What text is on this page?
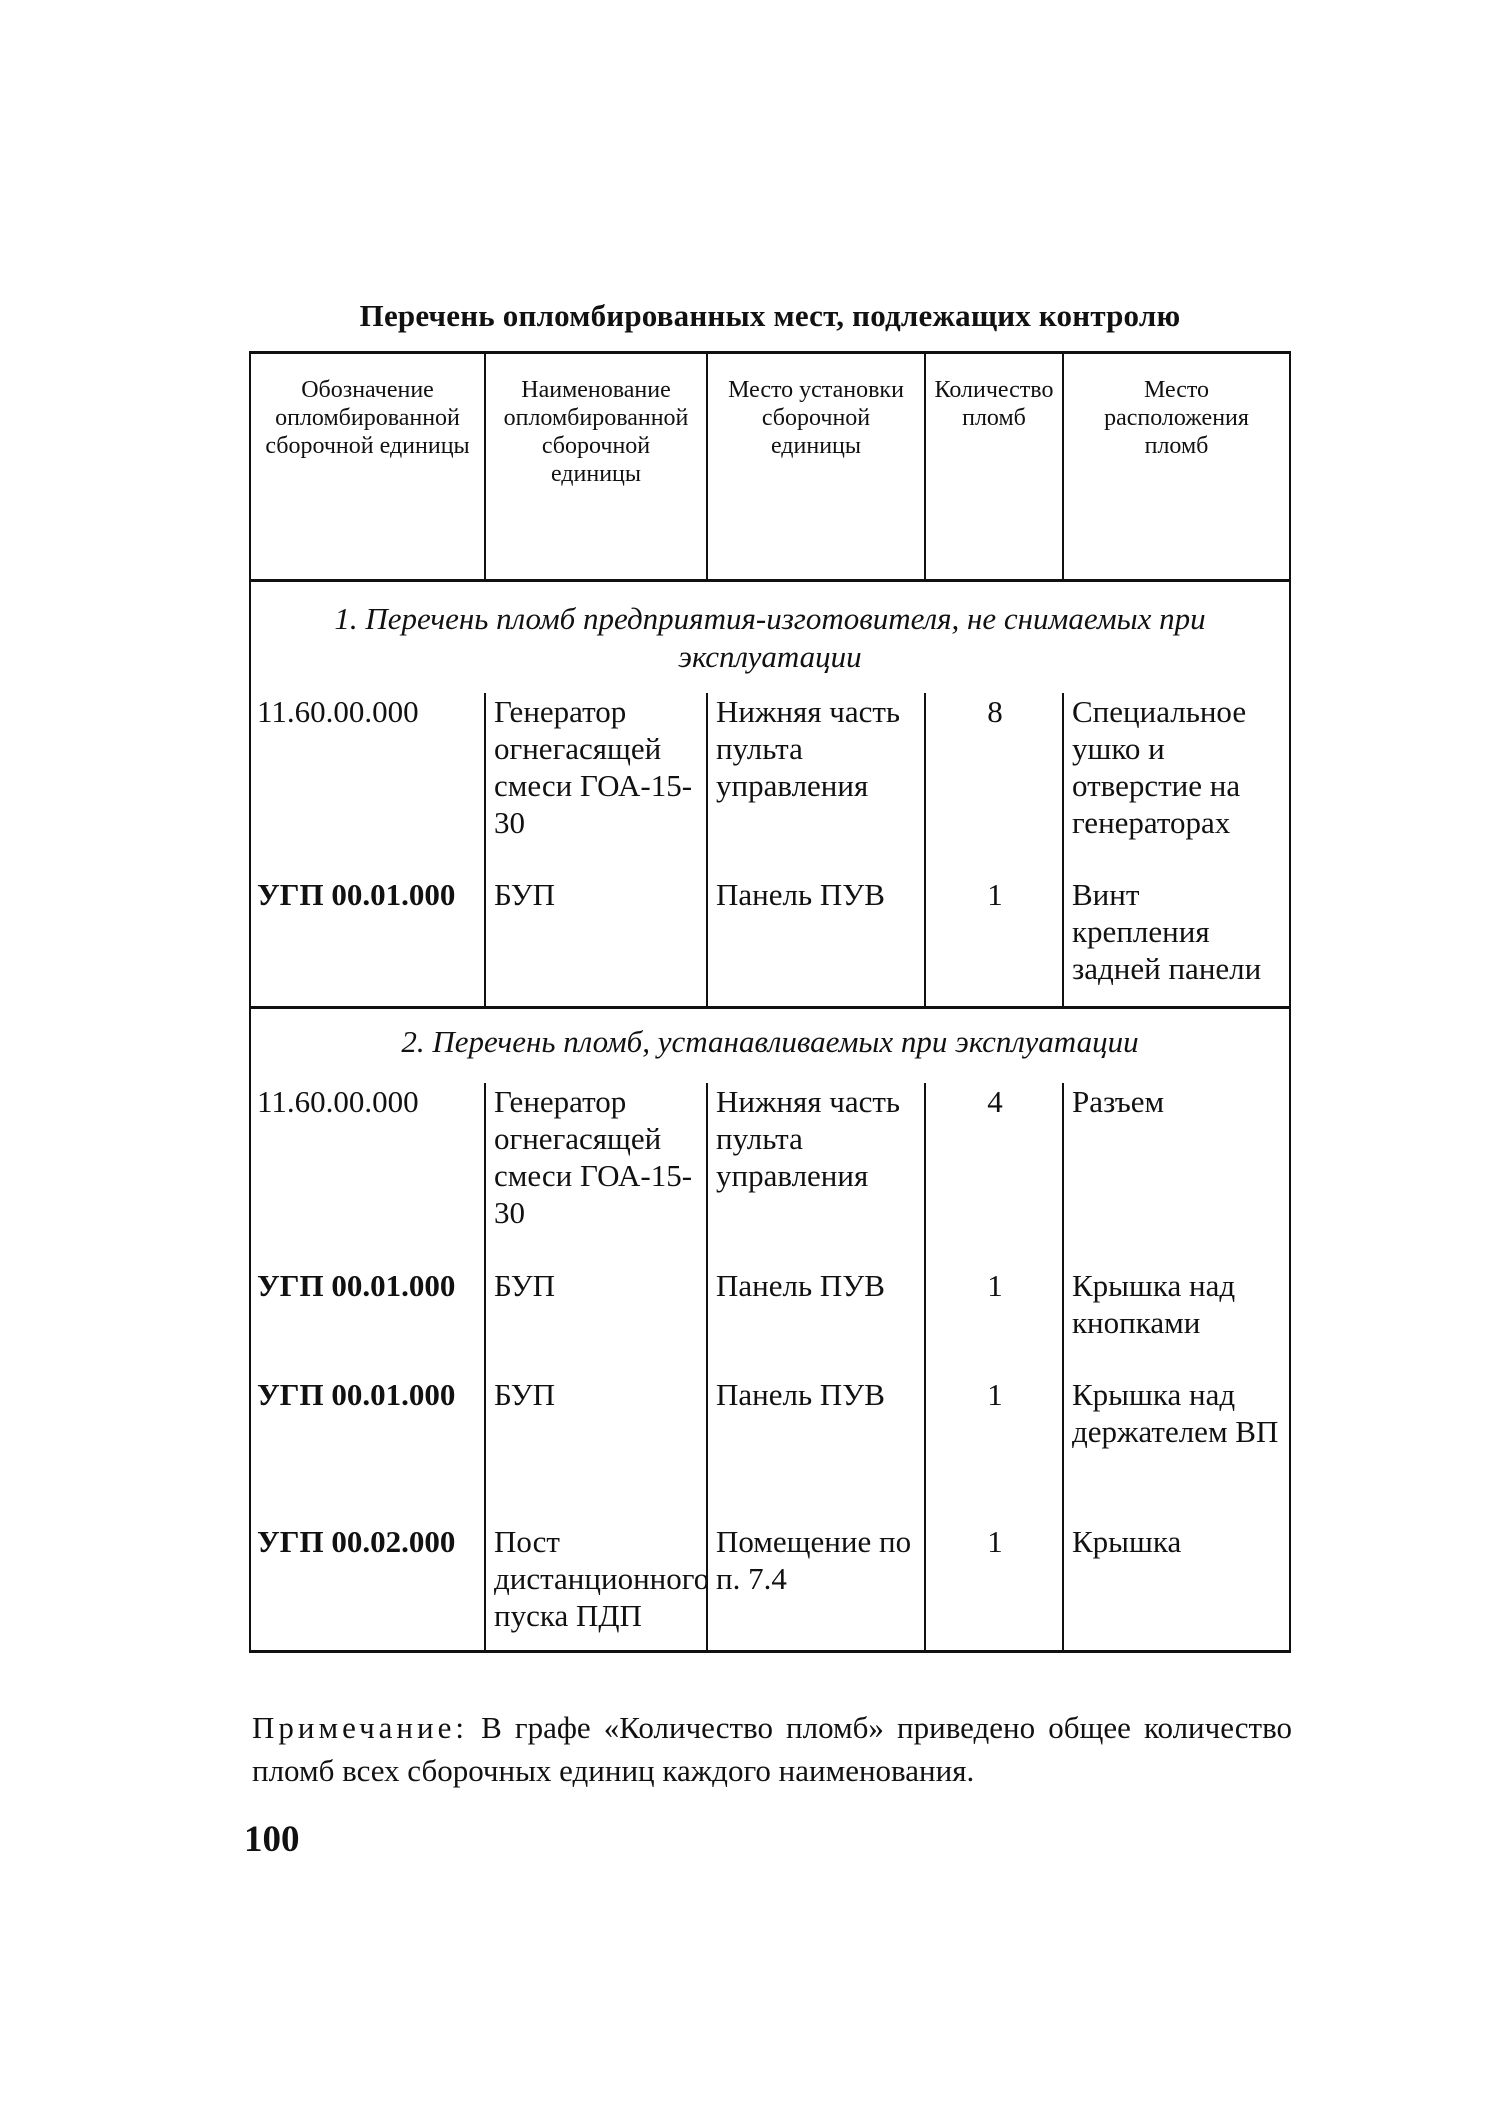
Перечень опломбированных мест, подлежащих контролю
Обозначение опломбированной сборочной единицы	Наименование опломбированной сборочной единицы	Место установки сборочной единицы	Количество пломб	Место расположения пломб
1. Перечень пломб предприятия-изготовителя, не снимаемых при эксплуатации				
11.60.00.000	Генератор огнегасящей смеси ГОА-15-30	Нижняя часть пульта управления	8	Специальное ушко и отверстие на генераторах
УГП 00.01.000	БУП	Панель ПУВ	1	Винт крепления задней панели
2. Перечень пломб, устанавливаемых при эксплуатации				
11.60.00.000	Генератор огнегасящей смеси ГОА-15-30	Нижняя часть пульта управления	4	Разъем
УГП 00.01.000	БУП	Панель ПУВ	1	Крышка над кнопками
УГП 00.01.000	БУП	Панель ПУВ	1	Крышка над держателем ВП
УГП 00.02.000	Пост дистанционного пуска ПДП	Помещение по п. 7.4	1	Крышка
Примечание: В графе «Количество пломб» приведено общее количество пломб всех сборочных единиц каждого наименования.
100
